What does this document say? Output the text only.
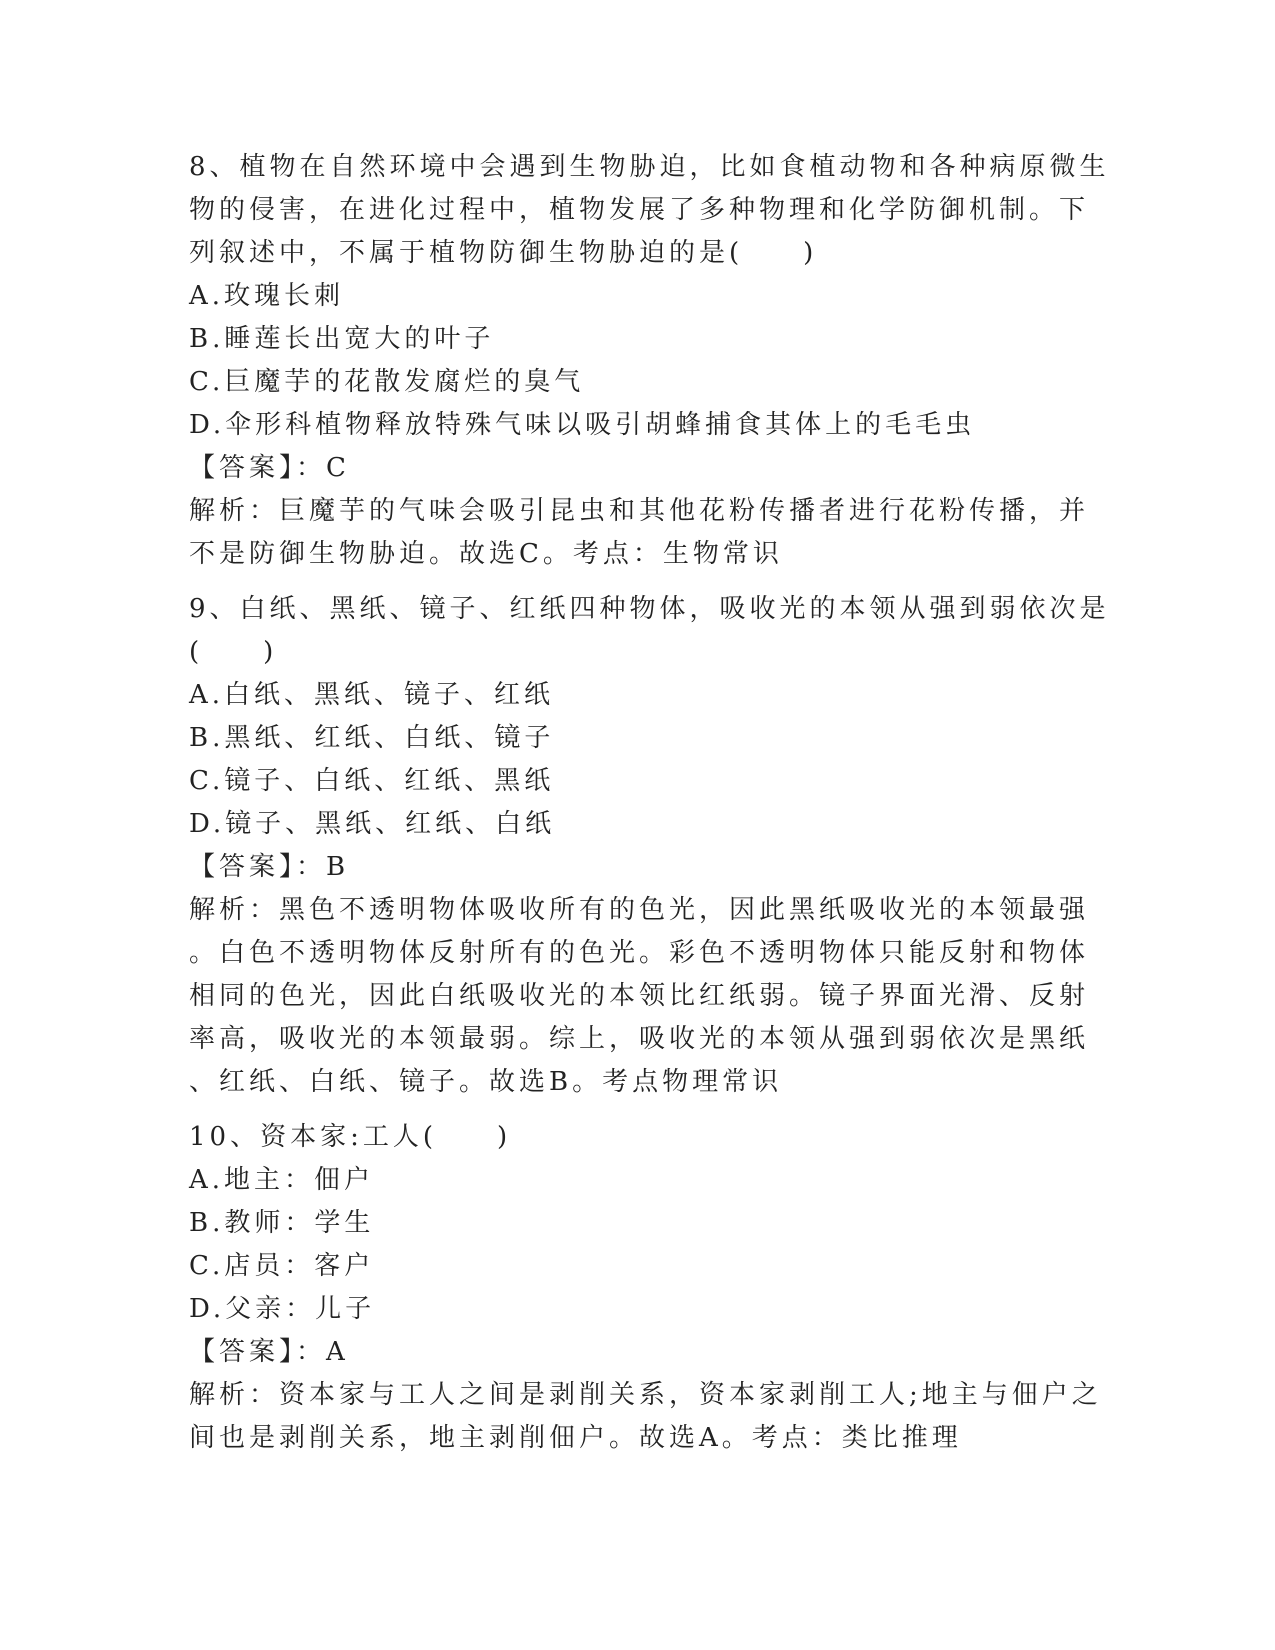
8、植物在自然环境中会遇到生物胁迫，比如食植动物和各种病原微生
物的侵害，在进化过程中，植物发展了多种物理和化学防御机制。下
列叙述中，不属于植物防御生物胁迫的是(　　)
A.玫瑰长刺
B.睡莲长出宽大的叶子
C.巨魔芋的花散发腐烂的臭气
D.伞形科植物释放特殊气味以吸引胡蜂捕食其体上的毛毛虫
【答案】：C
解析：巨魔芋的气味会吸引昆虫和其他花粉传播者进行花粉传播，并
不是防御生物胁迫。故选C。考点：生物常识
9、白纸、黑纸、镜子、红纸四种物体，吸收光的本领从强到弱依次是
(　　)
A.白纸、黑纸、镜子、红纸
B.黑纸、红纸、白纸、镜子
C.镜子、白纸、红纸、黑纸
D.镜子、黑纸、红纸、白纸
【答案】：B
解析：黑色不透明物体吸收所有的色光，因此黑纸吸收光的本领最强
。白色不透明物体反射所有的色光。彩色不透明物体只能反射和物体
相同的色光，因此白纸吸收光的本领比红纸弱。镜子界面光滑、反射
率高，吸收光的本领最弱。综上，吸收光的本领从强到弱依次是黑纸
、红纸、白纸、镜子。故选B。考点物理常识
10、资本家:工人(　　)
A.地主：佃户
B.教师：学生
C.店员：客户
D.父亲：儿子
【答案】：A
解析：资本家与工人之间是剥削关系，资本家剥削工人;地主与佃户之
间也是剥削关系，地主剥削佃户。故选A。考点：类比推理
